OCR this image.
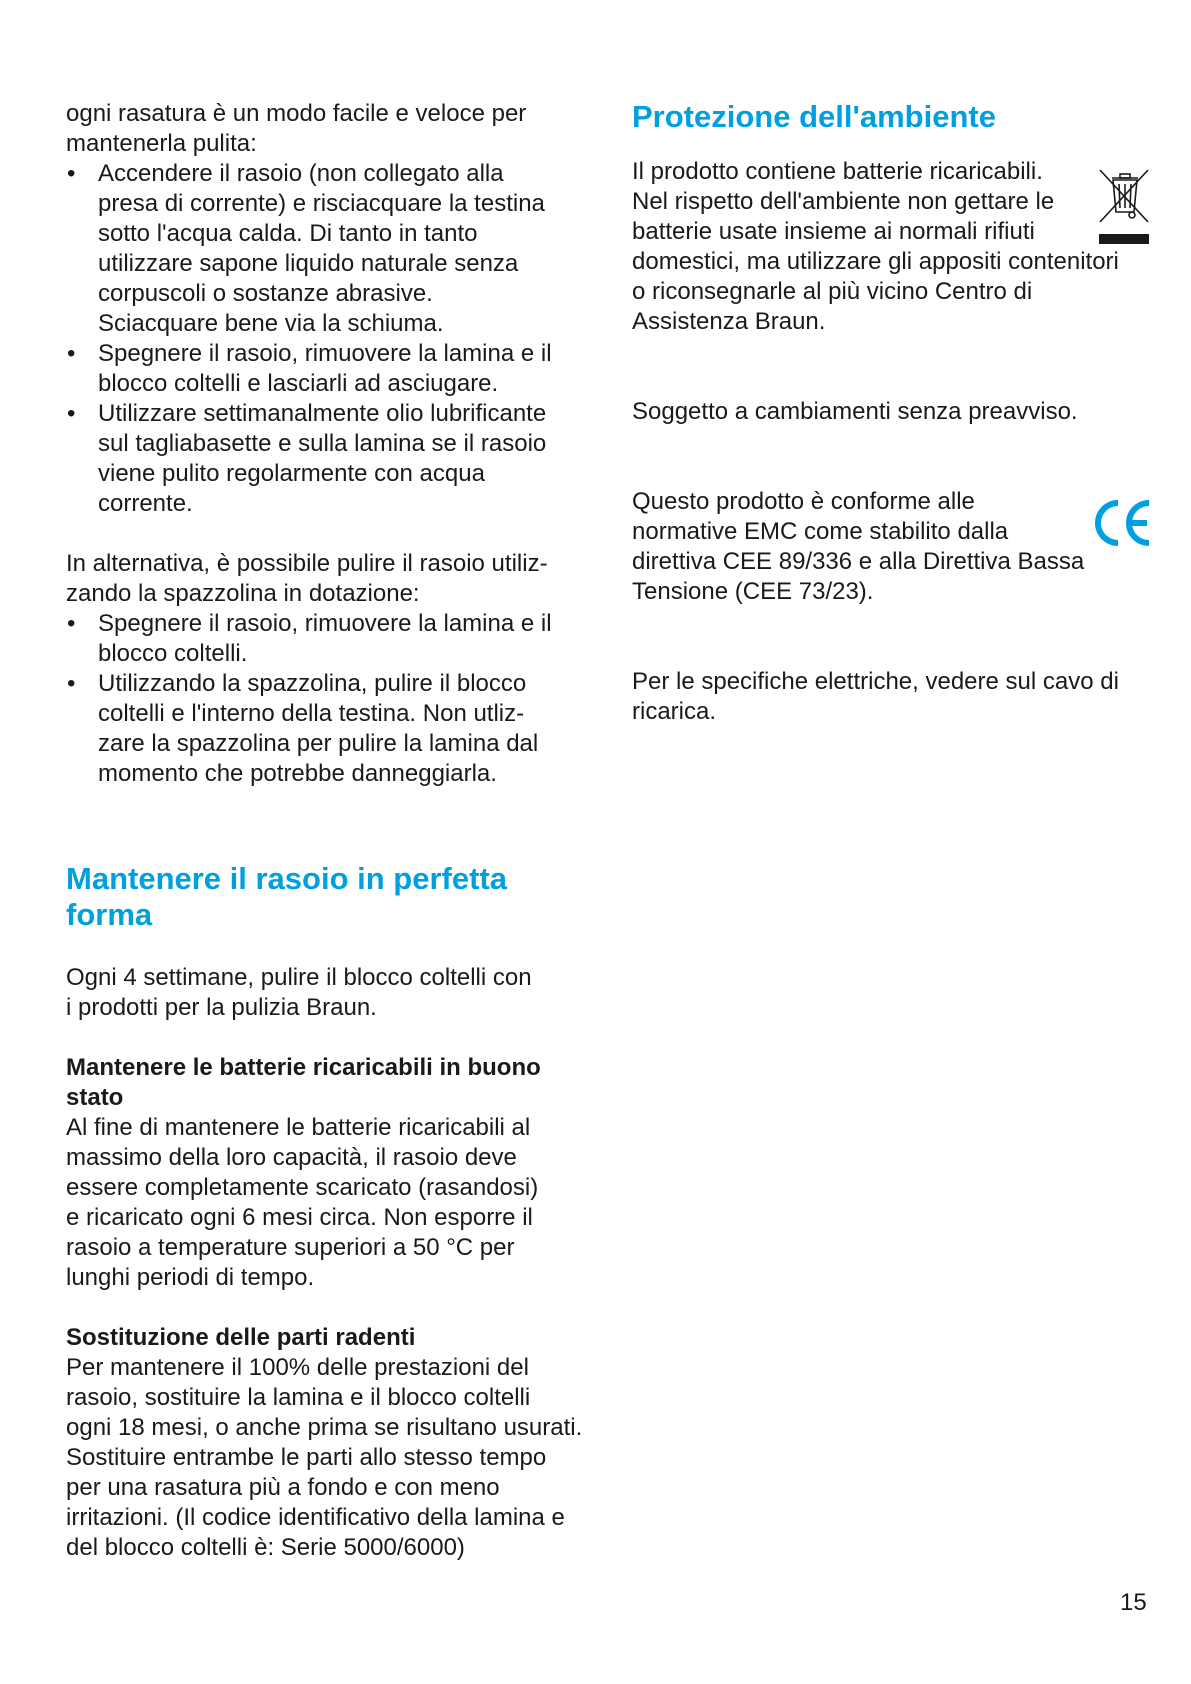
ogni rasatura è un modo facile e veloce per
mantenerla pulita:

• Accendere il rasoio (non collegato alla
presa di corrente) e risciacquare la testina
sotto l'acqua calda. Di tanto in tanto
utilizzare sapone liquido naturale senza
corpuscoli o sostanze abrasive.
Sciacquare bene via la schiuma.
• Spegnere il rasoio, rimuovere la lamina e il
blocco coltelli e lasciarli ad asciugare.
• Utilizzare settimanalmente olio lubrificante
sul tagliabasette e sulla lamina se il rasoio
viene pulito regolarmente con acqua
corrente.

In alternativa, è possibile pulire il rasoio utiliz-
zando la spazzolina in dotazione:

• Spegnere il rasoio, rimuovere la lamina e il
blocco coltelli.
• Utilizzando la spazzolina, pulire il blocco
coltelli e l'interno della testina. Non utliz-
zare la spazzolina per pulire la lamina dal
momento che potrebbe danneggiarla.
Mantenere il rasoio in perfetta
forma

Ogni 4 settimane, pulire il blocco coltelli con
i prodotti per la pulizia Braun.

Mantenere le batterie ricaricabili in buono
stato

Al fine di mantenere le batterie ricaricabili al
massimo della loro capacità, il rasoio deve
essere completamente scaricato (rasandosi)
e ricaricato ogni 6 mesi circa. Non esporre il
rasoio a temperature superiori a 50 °C per
lunghi periodi di tempo.

Sostituzione delle parti radenti

Per mantenere il 100% delle prestazioni del
rasoio, sostituire la lamina e il blocco coltelli
ogni 18 mesi, o anche prima se risultano usurati.
Sostituire entrambe le parti allo stesso tempo
per una rasatura più a fondo e con meno
irritazioni. (Il codice identificativo della lamina e
del blocco coltelli è: Serie 5000/6000)

Protezione dell'ambiente

Il prodotto contiene batterie ricaricabili.
Nel rispetto dell'ambiente non gettare le
batterie usate insieme ai normali rifiuti
domestici, ma utilizzare gli appositi contenitori
o riconsegnarle al più vicino Centro di
Assistenza Braun.

Soggetto a cambiamenti senza preavviso.

Questo prodotto è conforme alle
normative EMC come stabilito dalla
direttiva CEE 89/336 e alla Direttiva Bassa
Tensione (CEE 73/23).

Per le specifiche elettriche, vedere sul cavo di
ricarica.

15
